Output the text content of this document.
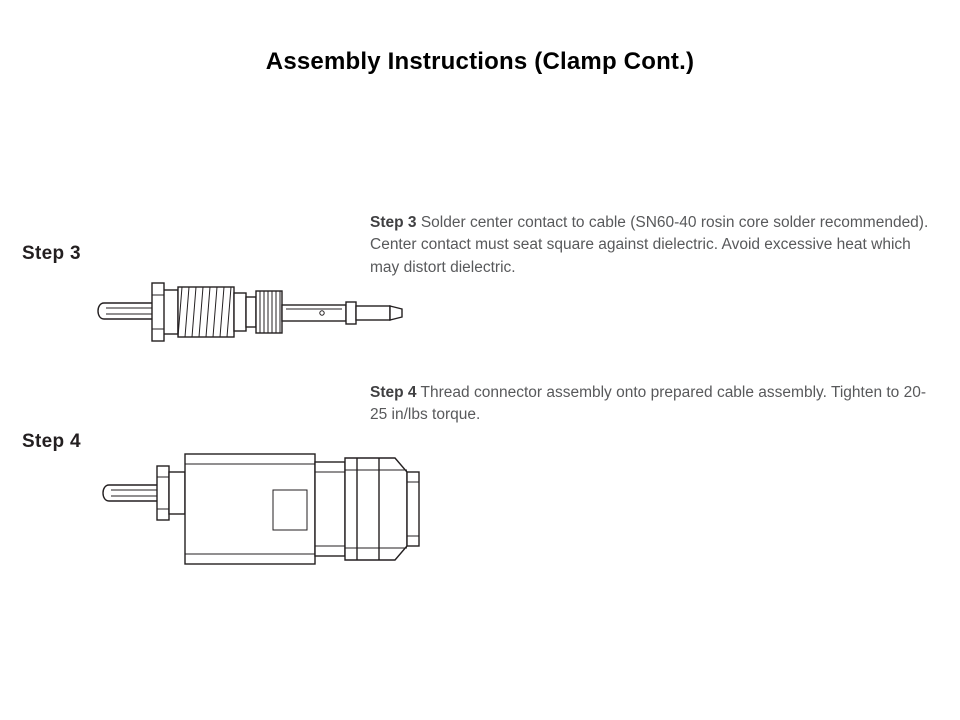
Assembly Instructions (Clamp Cont.)
Step 3
Step 3 Solder center contact to cable (SN60-40 rosin core solder recommended). Center contact must seat square against dielectric. Avoid excessive heat which may distort dielectric.
Step 4
Step 4 Thread connector assembly onto prepared cable assembly. Tighten to 20-25 in/lbs torque.
